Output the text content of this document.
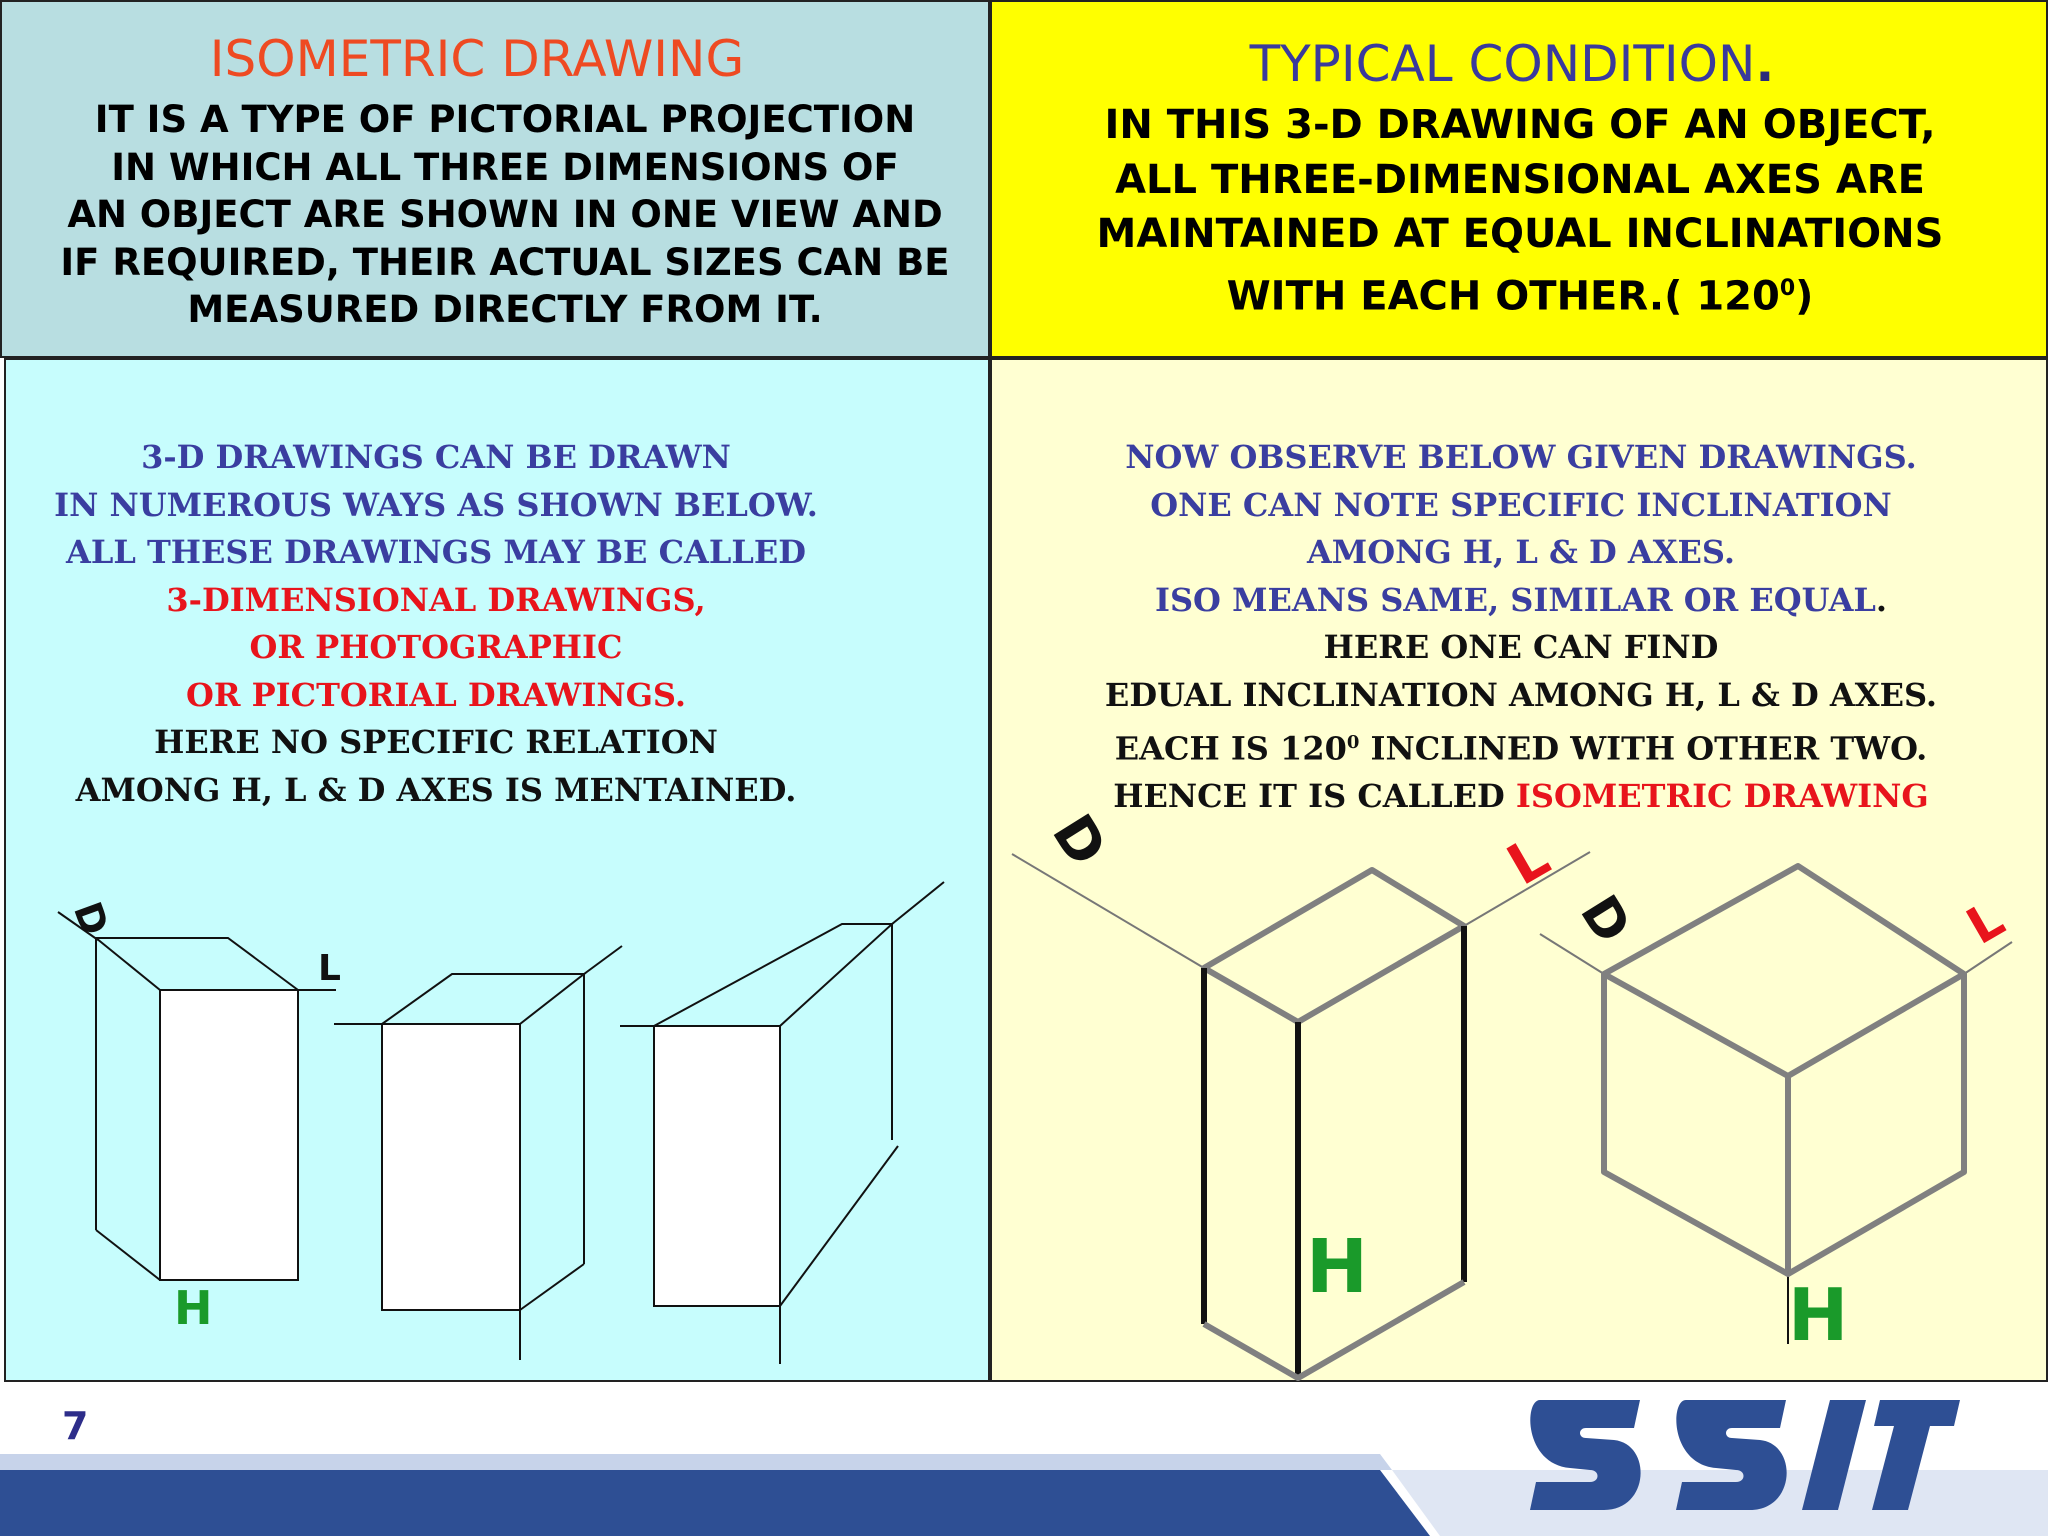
ISOMETRIC DRAWING
IT IS A TYPE OF PICTORIAL PROJECTION
IN WHICH ALL THREE DIMENSIONS OF
AN OBJECT ARE SHOWN IN ONE VIEW AND
IF REQUIRED, THEIR ACTUAL SIZES CAN BE
MEASURED DIRECTLY FROM IT.
TYPICAL CONDITION.
IN THIS 3-D DRAWING OF AN OBJECT,
ALL THREE-DIMENSIONAL AXES ARE
MAINTAINED AT EQUAL INCLINATIONS
WITH EACH OTHER.( $120^0$)
3-D DRAWINGS CAN BE DRAWN
IN NUMEROUS WAYS AS SHOWN BELOW.
ALL THESE DRAWINGS MAY BE CALLED
3-DIMENSIONAL DRAWINGS,
OR PHOTOGRAPHIC
OR PICTORIAL DRAWINGS.
HERE NO SPECIFIC RELATION
AMONG H, L & D AXES IS MENTAINED.
D
L
H
NOW OBSERVE BELOW GIVEN DRAWINGS.
ONE CAN NOTE SPECIFIC INCLINATION
AMONG H, L & D AXES.
ISO MEANS SAME, SIMILAR OR EQUAL.
HERE ONE CAN FIND
EDUAL INCLINATION AMONG H, L & D AXES.
EACH IS $120^0$ INCLINED WITH OTHER TWO.
HENCE IT IS CALLED ISOMETRIC DRAWING
D	L
H
D	L
H
7
